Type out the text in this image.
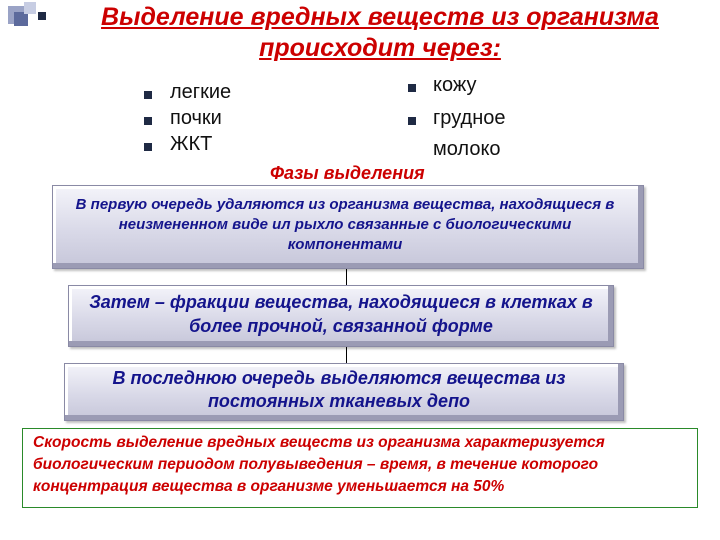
Выделение вредных веществ из организма
происходит через:
легкие
почки
ЖКТ
кожу
грудное
молоко
Фазы выделения
В первую очередь удаляются из организма вещества, находящиеся в неизмененном виде ил рыхло связанные с биологическими компонентами
Затем – фракции вещества, находящиеся в клетках в более прочной, связанной форме
В последнюю очередь выделяются вещества из постоянных тканевых депо
Скорость выделение вредных веществ из организма характеризуется биологическим периодом полувыведения – время, в течение которого концентрация вещества в организме уменьшается на 50%
